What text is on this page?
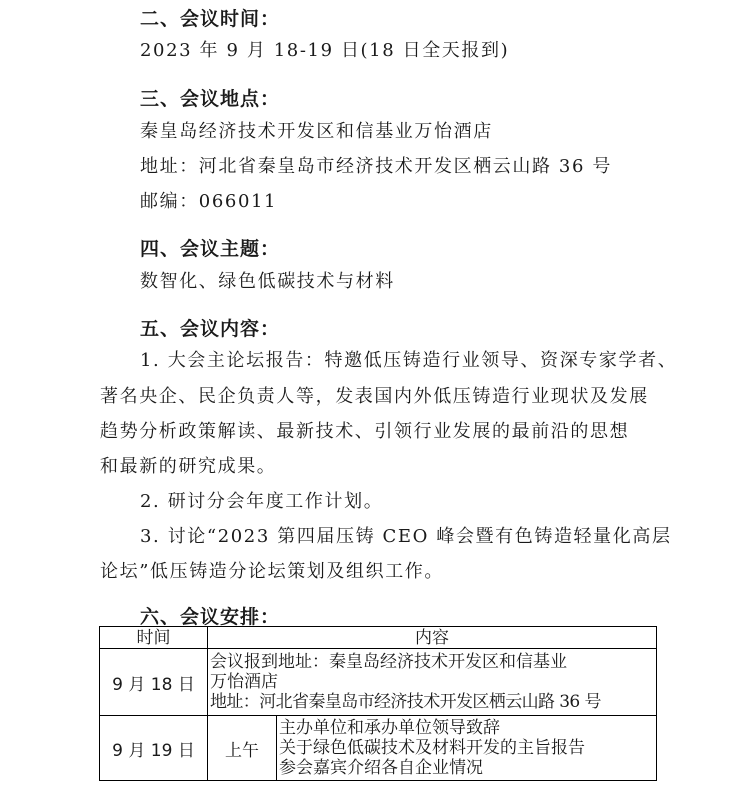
二、会议时间：
2023 年 9 月 18-19 日(18 日全天报到)
三、会议地点：
秦皇岛经济技术开发区和信基业万怡酒店
地址：河北省秦皇岛市经济技术开发区栖云山路 36 号
邮编：066011
四、会议主题：
数智化、绿色低碳技术与材料
五、会议内容：
1. 大会主论坛报告：特邀低压铸造行业领导、资深专家学者、
著名央企、民企负责人等，发表国内外低压铸造行业现状及发展
趋势分析政策解读、最新技术、引领行业发展的最前沿的思想
和最新的研究成果。
2. 研讨分会年度工作计划。
3. 讨论“2023 第四届压铸 CEO 峰会暨有色铸造轻量化高层
论坛”低压铸造分论坛策划及组织工作。
六、会议安排：
时间	内容	
9 月 18 日	会议报到地址：秦皇岛经济技术开发区和信基业
万怡酒店
地址：河北省秦皇岛市经济技术开发区栖云山路 36 号	

9 月 19 日	上午	主办单位和承办单位领导致辞
关于绿色低碳技术及材料开发的主旨报告
参会嘉宾介绍各自企业情况
